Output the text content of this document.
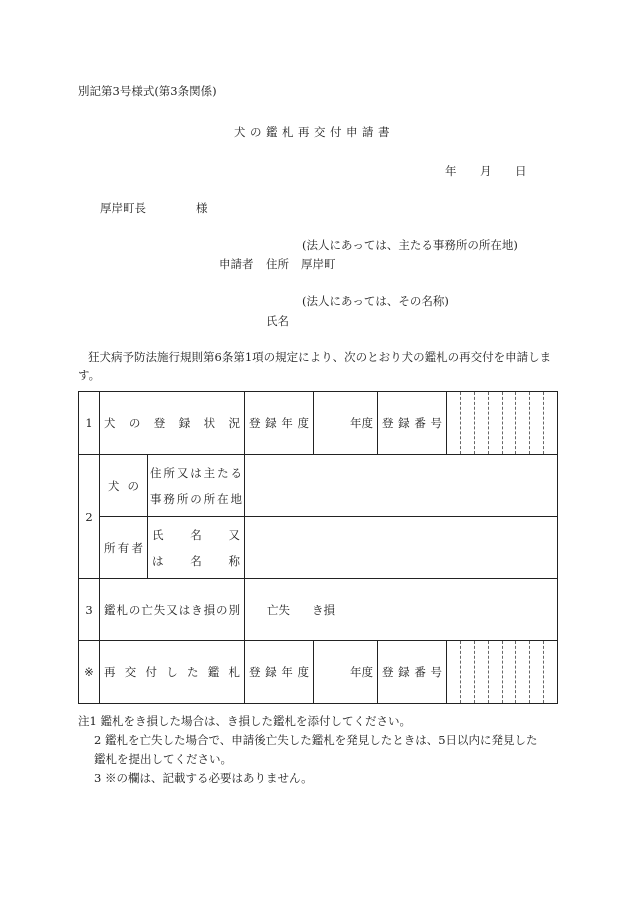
別記第3号様式(第3条関係)
犬の鑑札再交付申請書
年 月 日
厚岸町長	様
(法人にあっては、主たる事務所の所在地)
申請者 住所 厚岸町
(法人にあっては、その名称)
氏名
狂犬病予防法施行規則第6条第1項の規定により、次のとおり犬の鑑札の再交付を申請します。
1	犬の登録状況		登録年度	年度	登録番号	

2	犬の	住所又は主たる
事務所の所在地				

	所有者	氏名又
は名称				

3	鑑札の亡失又はき損の別		亡失 き損			
※	再交付した鑑札		登録年度	年度	登録番号	
注1 鑑札をき損した場合は、き損した鑑札を添付してください。
2 鑑札を亡失した場合で、申請後亡失した鑑札を発見したときは、5日以内に発見した
鑑札を提出してください。
3 ※の欄は、記載する必要はありません。
